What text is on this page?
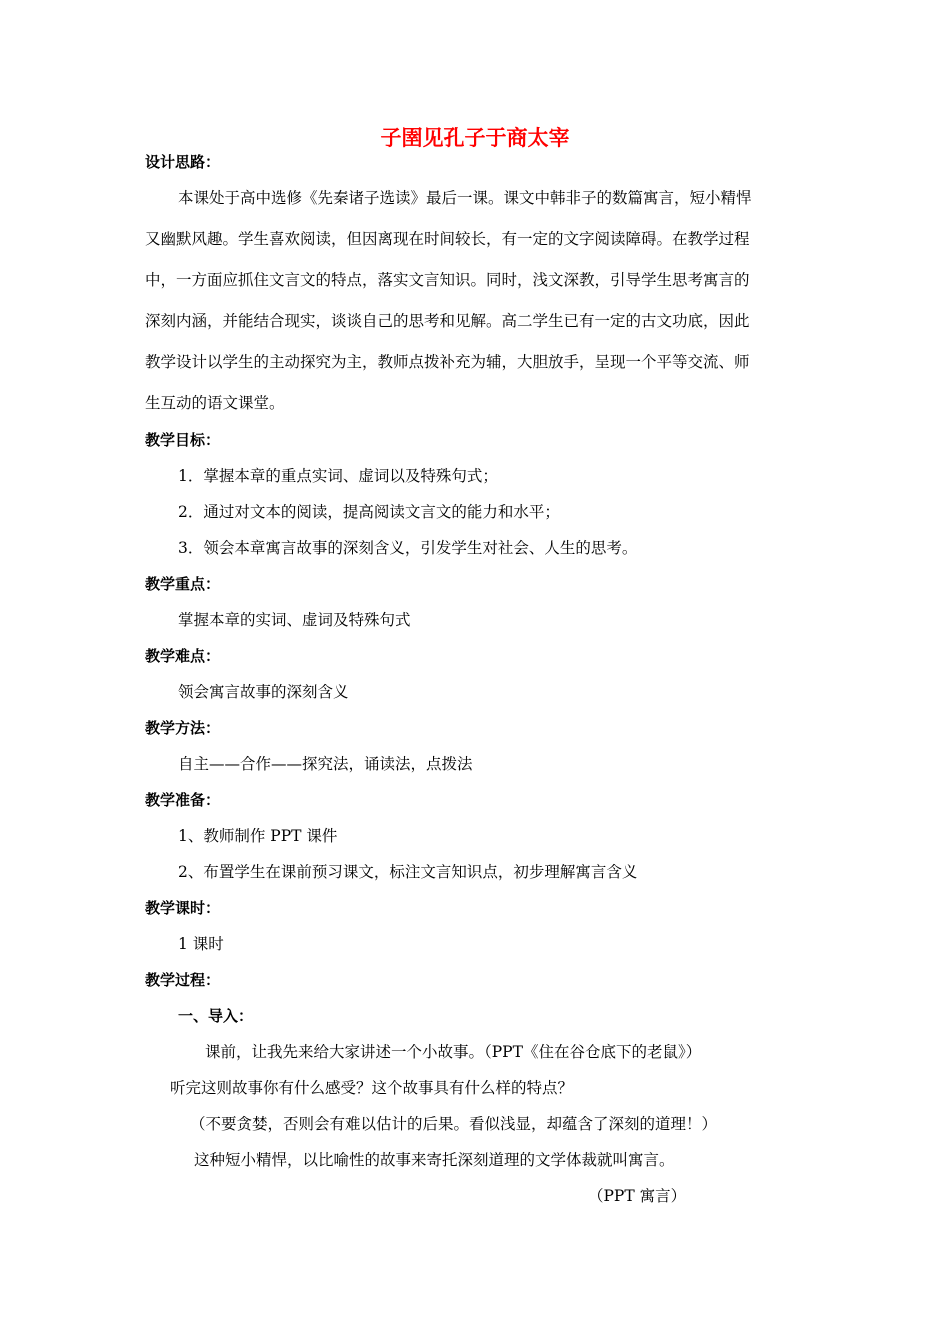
子圉见孔子于商太宰
设计思路：
本课处于高中选修《先秦诸子选读》最后一课。课文中韩非子的数篇寓言，短小精悍
又幽默风趣。学生喜欢阅读，但因离现在时间较长，有一定的文字阅读障碍。在教学过程
中，一方面应抓住文言文的特点，落实文言知识。同时，浅文深教，引导学生思考寓言的
深刻内涵，并能结合现实，谈谈自己的思考和见解。高二学生已有一定的古文功底，因此
教学设计以学生的主动探究为主，教师点拨补充为辅，大胆放手，呈现一个平等交流、师
生互动的语文课堂。
教学目标：
1．掌握本章的重点实词、虚词以及特殊句式；
2．通过对文本的阅读，提高阅读文言文的能力和水平；
3．领会本章寓言故事的深刻含义，引发学生对社会、人生的思考。
教学重点：
掌握本章的实词、虚词及特殊句式
教学难点：
领会寓言故事的深刻含义
教学方法：
自主——合作——探究法，诵读法，点拨法
教学准备：
1、教师制作 PPT 课件
2、布置学生在课前预习课文，标注文言知识点，初步理解寓言含义
教学课时：
1 课时
教学过程：
一、导入：
课前，让我先来给大家讲述一个小故事。（PPT《住在谷仓底下的老鼠》）
听完这则故事你有什么感受？这个故事具有什么样的特点？
（不要贪婪，否则会有难以估计的后果。看似浅显，却蕴含了深刻的道理！）
这种短小精悍，以比喻性的故事来寄托深刻道理的文学体裁就叫寓言。
（PPT 寓言）
